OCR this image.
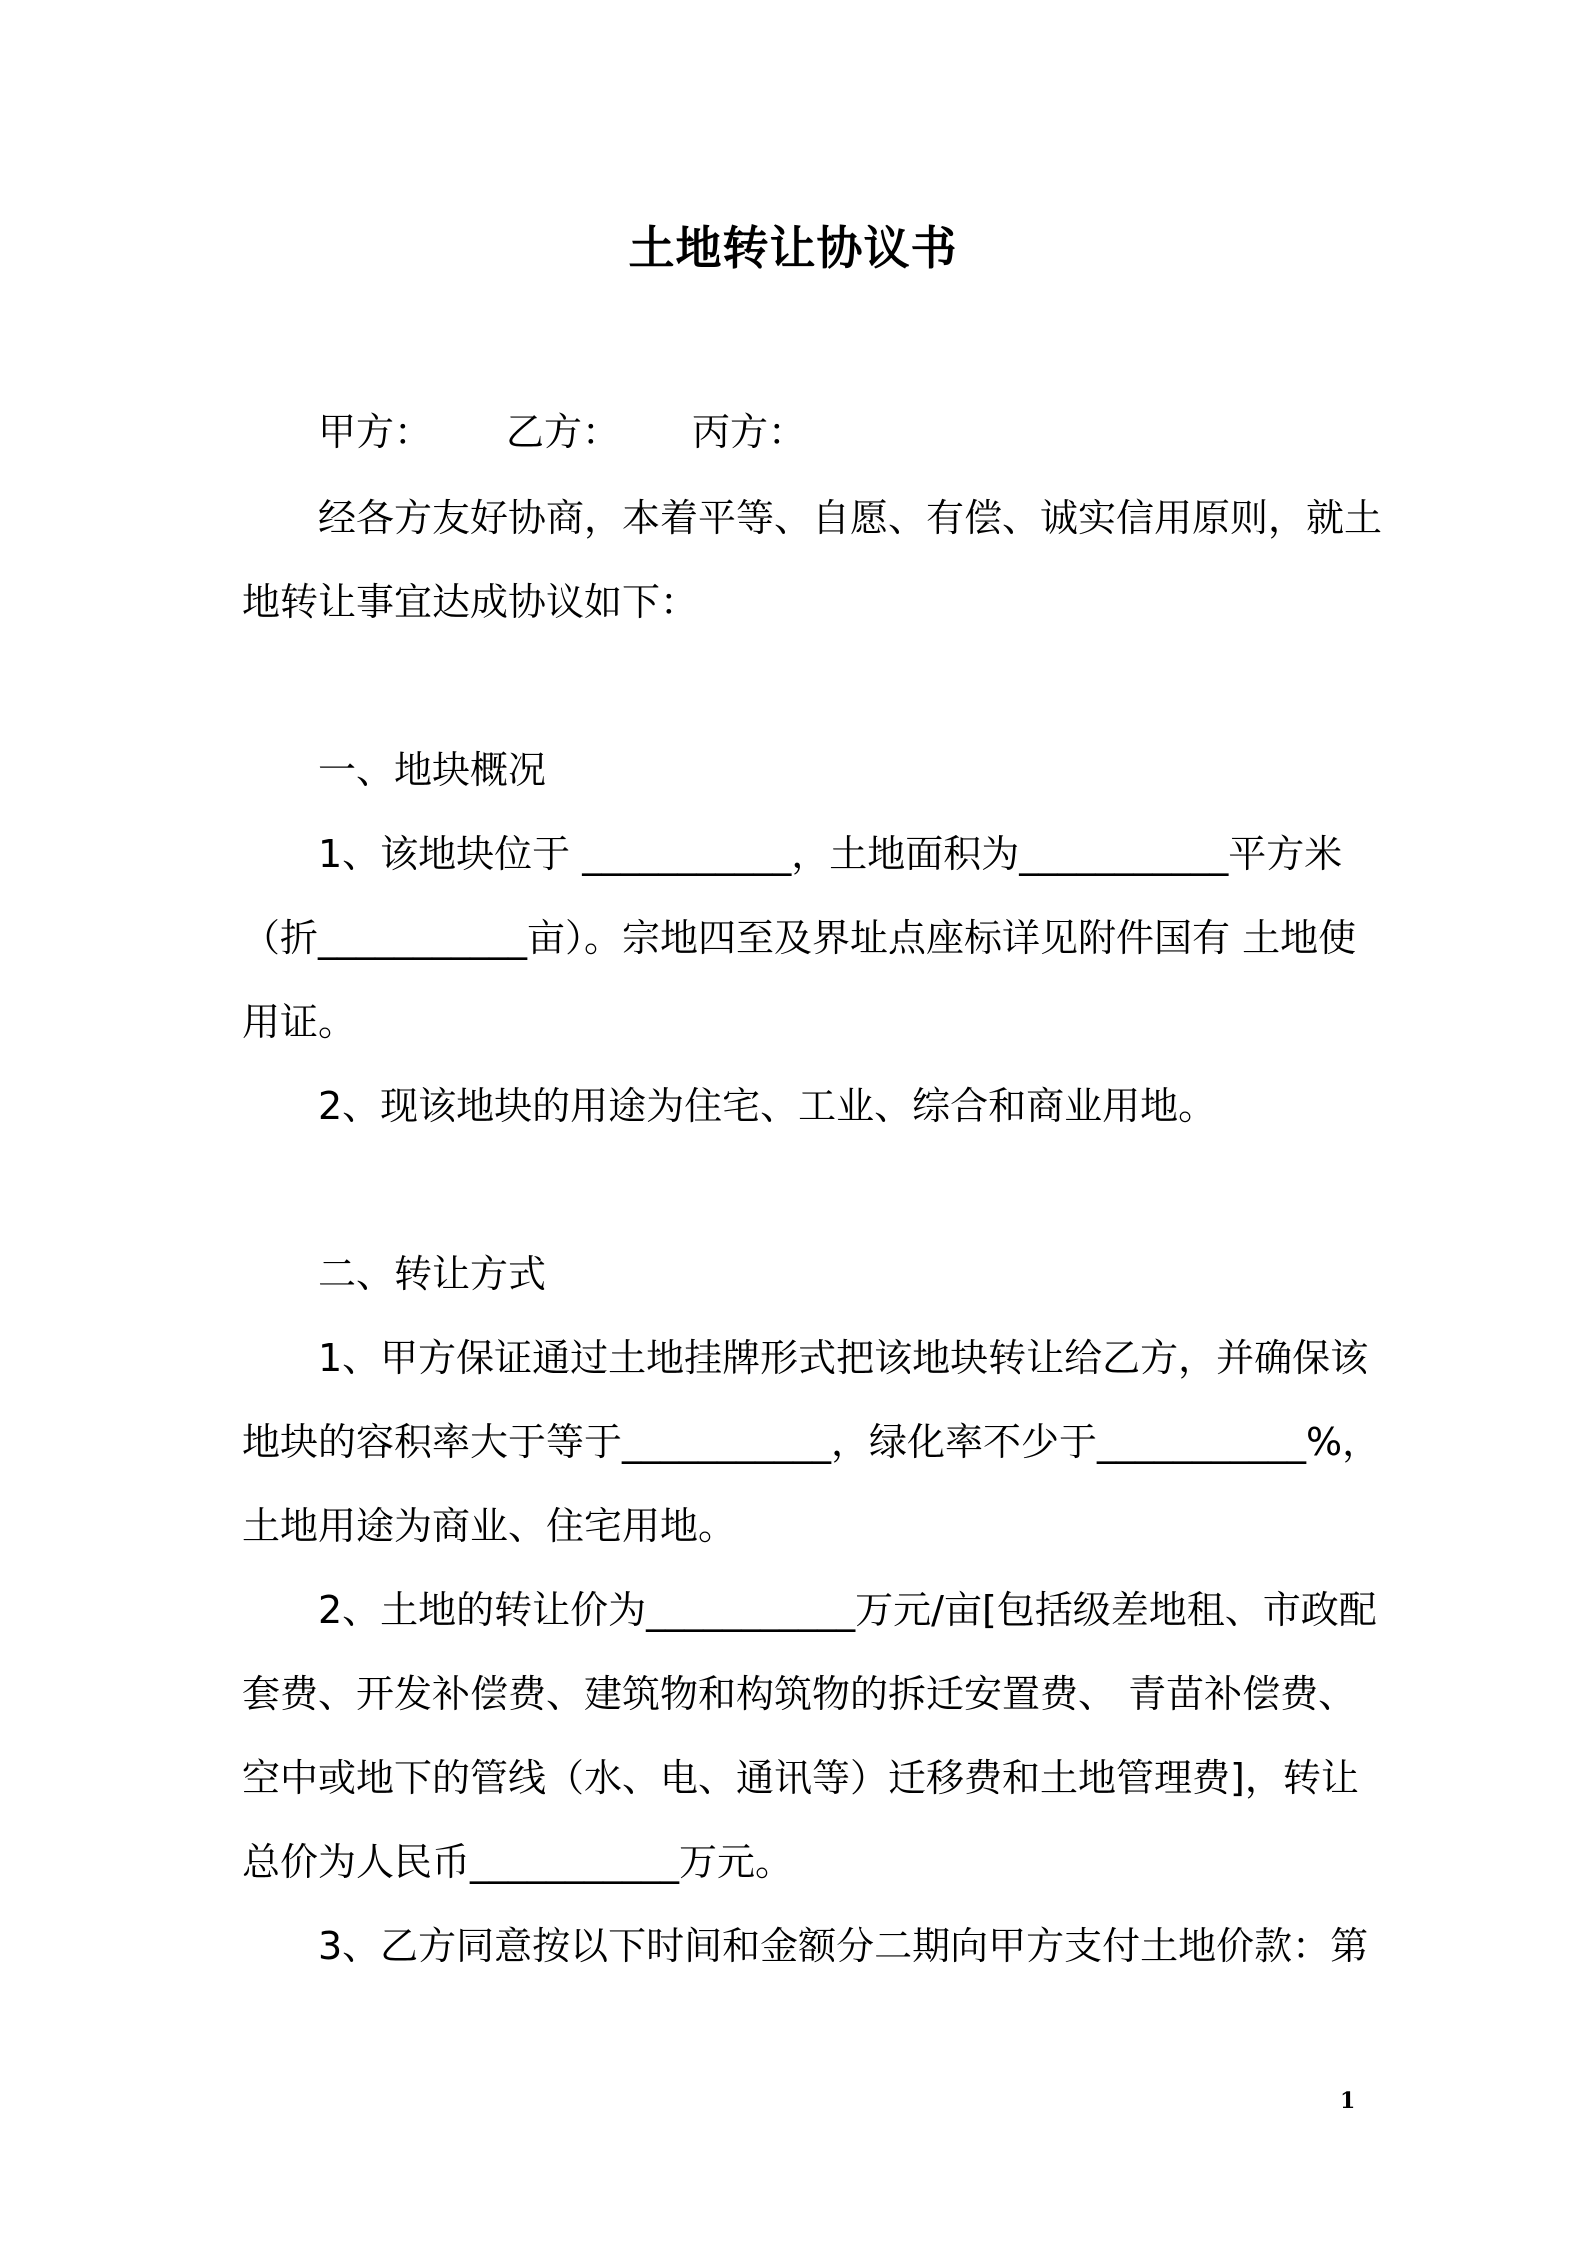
土地转让协议书
甲方： 乙方： 丙方：
经各方友好协商，本着平等、自愿、有偿、诚实信用原则，就土
地转让事宜达成协议如下：
一、地块概况
1、该地块位于 ___________，土地面积为___________平方米
（折___________亩）。宗地四至及界址点座标详见附件国有 土地使
用证。
2、现该地块的用途为住宅、工业、综合和商业用地。
二、转让方式
1、甲方保证通过土地挂牌形式把该地块转让给乙方，并确保该
地块的容积率大于等于___________，绿化率不少于___________%，
土地用途为商业、住宅用地。
2、土地的转让价为___________万元/亩[包括级差地租、市政配
套费、开发补偿费、建筑物和构筑物的拆迁安置费、 青苗补偿费、
空中或地下的管线（水、电、通讯等）迁移费和土地管理费]，转让
总价为人民币___________万元。
3、乙方同意按以下时间和金额分二期向甲方支付土地价款：第
1
